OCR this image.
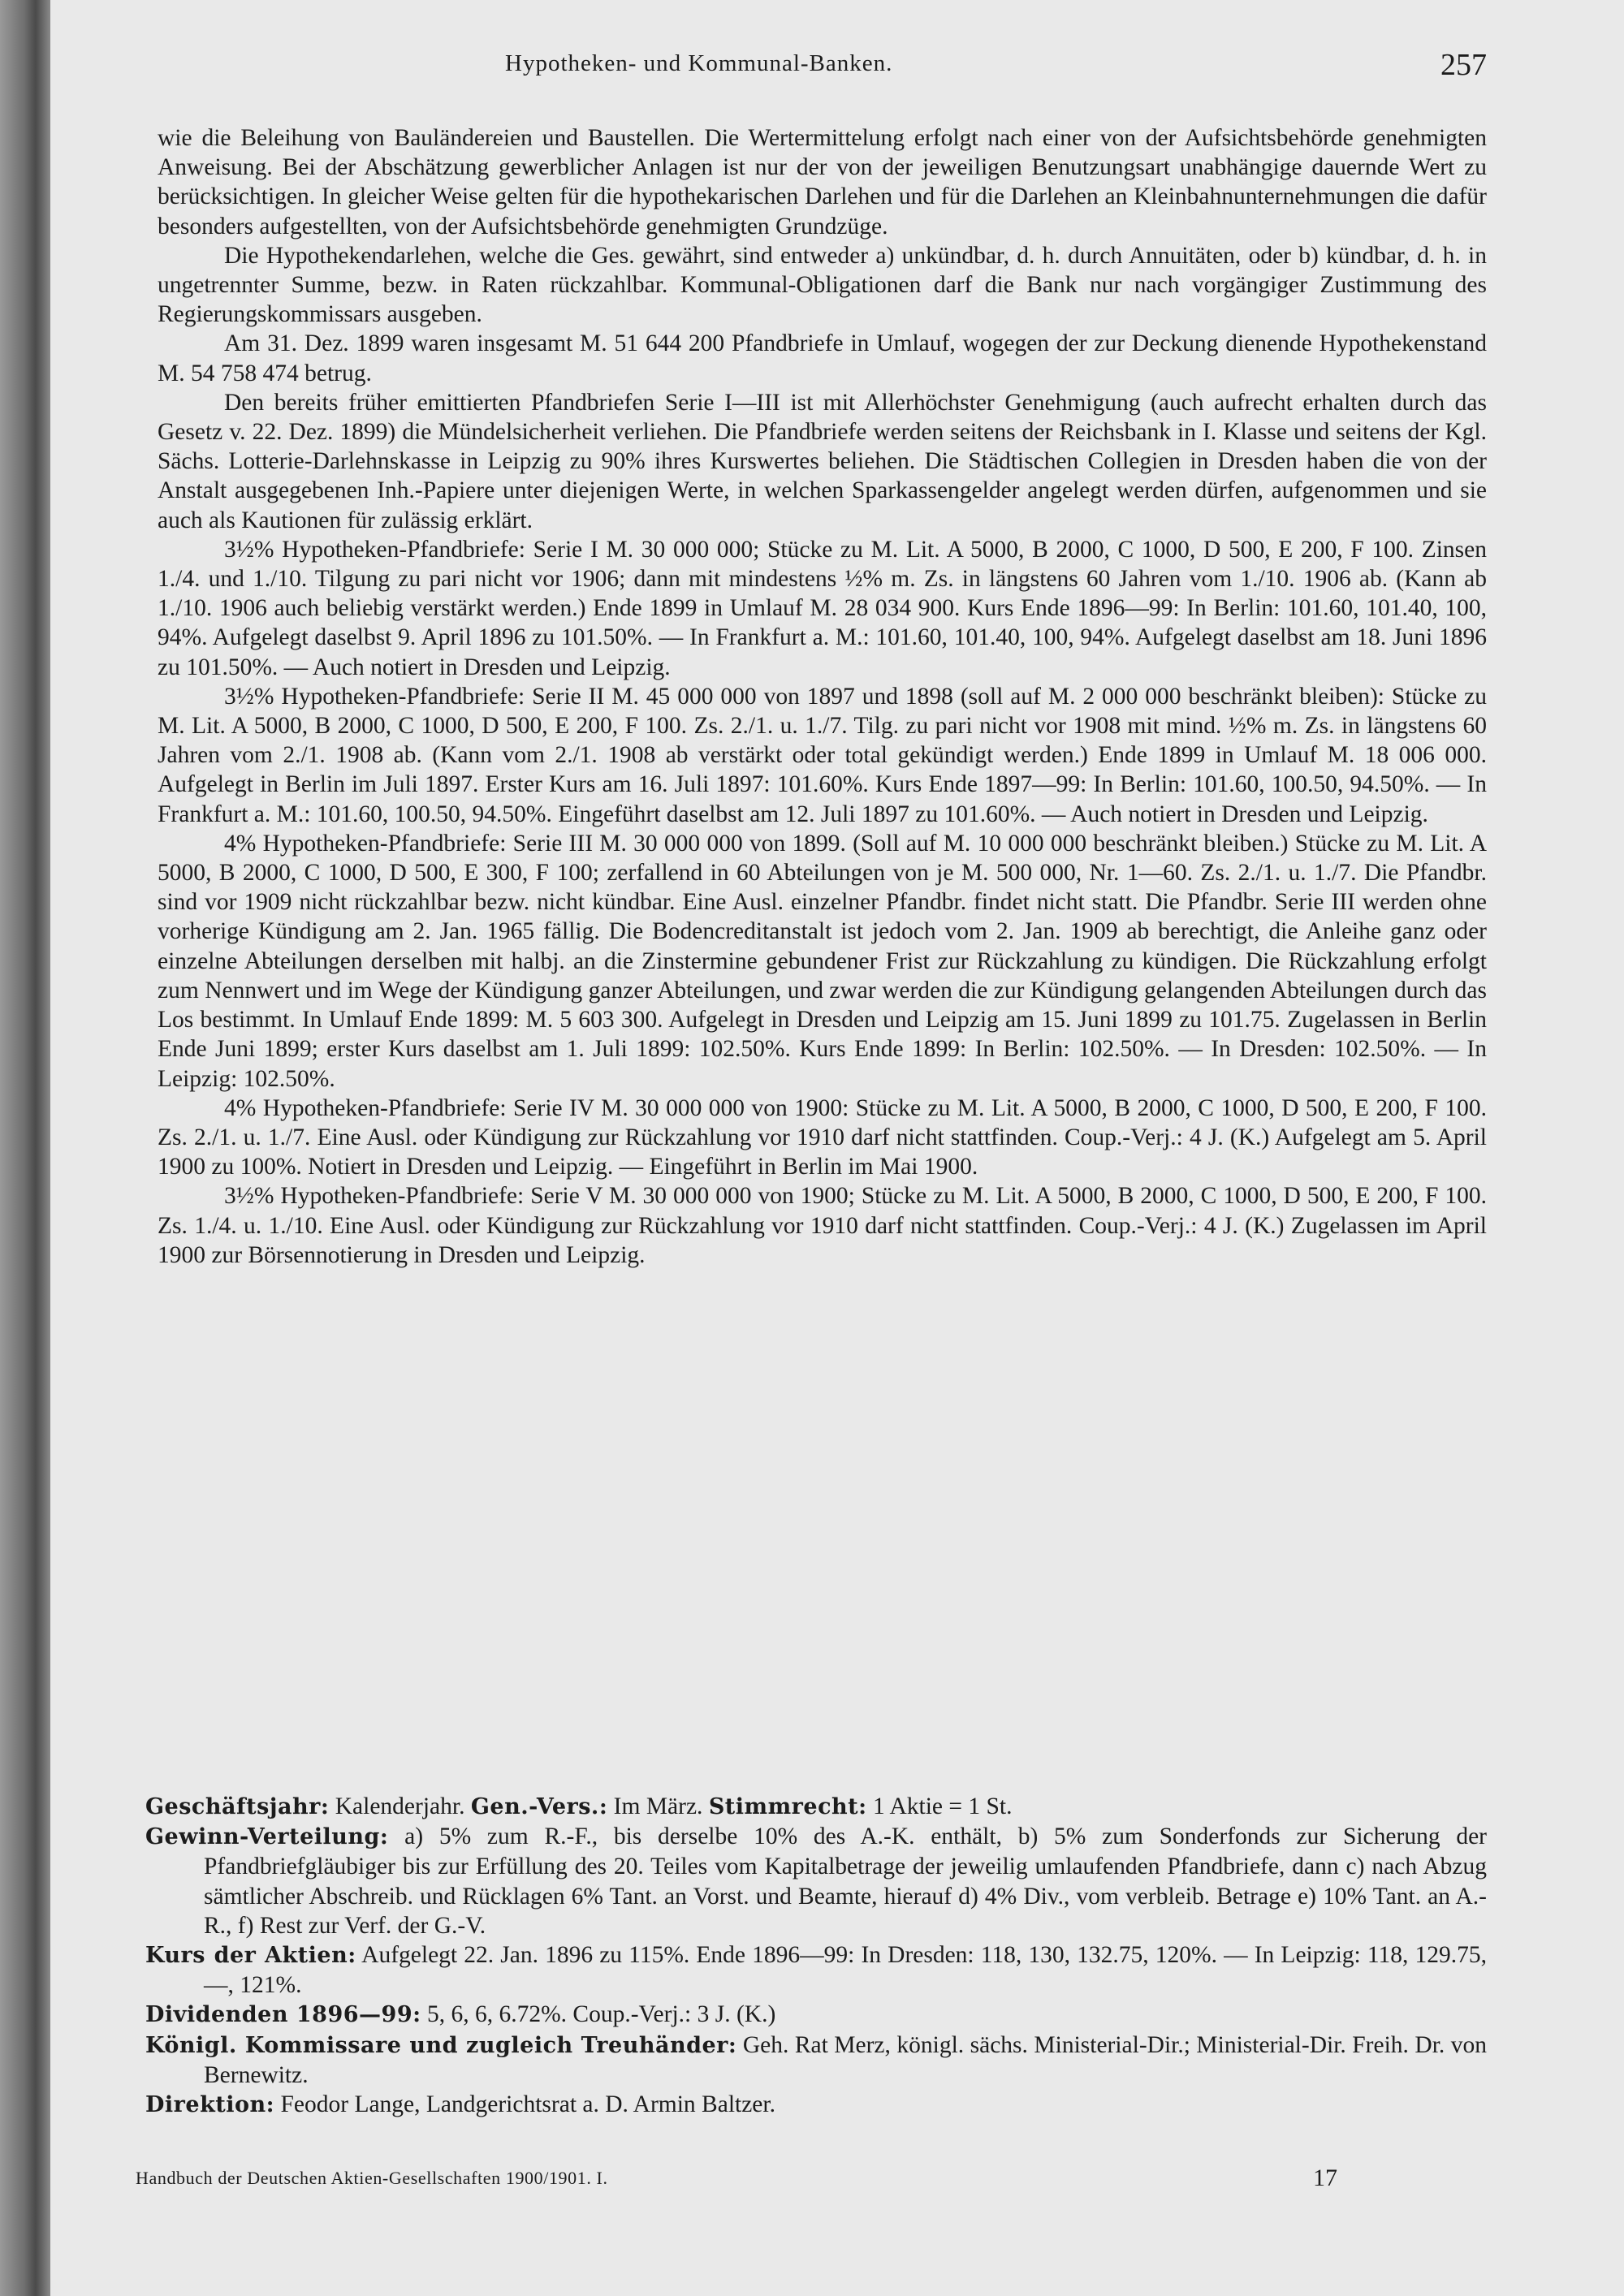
Hypotheken- und Kommunal-Banken.	257

wie die Beleihung von Bauländereien und Baustellen. Die Wertermittelung erfolgt nach einer von der Aufsichtsbehörde genehmigten Anweisung. Bei der Abschätzung gewerblicher Anlagen ist nur der von der jeweiligen Benutzungsart unabhängige dauernde Wert zu berücksichtigen. In gleicher Weise gelten für die hypothekarischen Darlehen und für die Darlehen an Kleinbahnunternehmungen die dafür besonders aufgestellten, von der Aufsichtsbehörde genehmigten Grundzüge.

Die Hypothekendarlehen, welche die Ges. gewährt, sind entweder a) unkündbar, d. h. durch Annuitäten, oder b) kündbar, d. h. in ungetrennter Summe, bezw. in Raten rückzahlbar. Kommunal-Obligationen darf die Bank nur nach vorgängiger Zustimmung des Regierungskommissars ausgeben.

Am 31. Dez. 1899 waren insgesamt M. 51 644 200 Pfandbriefe in Umlauf, wogegen der zur Deckung dienende Hypothekenstand M. 54 758 474 betrug.

Den bereits früher emittierten Pfandbriefen Serie I—III ist mit Allerhöchster Genehmigung (auch aufrecht erhalten durch das Gesetz v. 22. Dez. 1899) die Mündelsicherheit verliehen. Die Pfandbriefe werden seitens der Reichsbank in I. Klasse und seitens der Kgl. Sächs. Lotterie-Darlehnskasse in Leipzig zu 90% ihres Kurswertes beliehen. Die Städtischen Collegien in Dresden haben die von der Anstalt ausgegebenen Inh.-Papiere unter diejenigen Werte, in welchen Sparkassengelder angelegt werden dürfen, aufgenommen und sie auch als Kautionen für zulässig erklärt.

3½% Hypotheken-Pfandbriefe: Serie I M. 30 000 000; Stücke zu M. Lit. A 5000, B 2000, C 1000, D 500, E 200, F 100. Zinsen 1./4. und 1./10. Tilgung zu pari nicht vor 1906; dann mit mindestens ½% m. Zs. in längstens 60 Jahren vom 1./10. 1906 ab. (Kann ab 1./10. 1906 auch beliebig verstärkt werden.) Ende 1899 in Umlauf M. 28 034 900. Kurs Ende 1896—99: In Berlin: 101.60, 101.40, 100, 94%. Aufgelegt daselbst 9. April 1896 zu 101.50%. — In Frankfurt a. M.: 101.60, 101.40, 100, 94%. Aufgelegt daselbst am 18. Juni 1896 zu 101.50%. — Auch notiert in Dresden und Leipzig.

3½% Hypotheken-Pfandbriefe: Serie II M. 45 000 000 von 1897 und 1898 (soll auf M. 2 000 000 beschränkt bleiben): Stücke zu M. Lit. A 5000, B 2000, C 1000, D 500, E 200, F 100. Zs. 2./1. u. 1./7. Tilg. zu pari nicht vor 1908 mit mind. ½% m. Zs. in längstens 60 Jahren vom 2./1. 1908 ab. (Kann vom 2./1. 1908 ab verstärkt oder total gekündigt werden.) Ende 1899 in Umlauf M. 18 006 000. Aufgelegt in Berlin im Juli 1897. Erster Kurs am 16. Juli 1897: 101.60%. Kurs Ende 1897—99: In Berlin: 101.60, 100.50, 94.50%. — In Frankfurt a. M.: 101.60, 100.50, 94.50%. Eingeführt daselbst am 12. Juli 1897 zu 101.60%. — Auch notiert in Dresden und Leipzig.

4% Hypotheken-Pfandbriefe: Serie III M. 30 000 000 von 1899. (Soll auf M. 10 000 000 beschränkt bleiben.) Stücke zu M. Lit. A 5000, B 2000, C 1000, D 500, E 300, F 100; zerfallend in 60 Abteilungen von je M. 500 000, Nr. 1—60. Zs. 2./1. u. 1./7. Die Pfandbr. sind vor 1909 nicht rückzahlbar bezw. nicht kündbar. Eine Ausl. einzelner Pfandbr. findet nicht statt. Die Pfandbr. Serie III werden ohne vorherige Kündigung am 2. Jan. 1965 fällig. Die Bodencreditanstalt ist jedoch vom 2. Jan. 1909 ab berechtigt, die Anleihe ganz oder einzelne Abteilungen derselben mit halbj. an die Zinstermine gebundener Frist zur Rückzahlung zu kündigen. Die Rückzahlung erfolgt zum Nennwert und im Wege der Kündigung ganzer Abteilungen, und zwar werden die zur Kündigung gelangenden Abteilungen durch das Los bestimmt. In Umlauf Ende 1899: M. 5 603 300. Aufgelegt in Dresden und Leipzig am 15. Juni 1899 zu 101.75. Zugelassen in Berlin Ende Juni 1899; erster Kurs daselbst am 1. Juli 1899: 102.50%. Kurs Ende 1899: In Berlin: 102.50%. — In Dresden: 102.50%. — In Leipzig: 102.50%.

4% Hypotheken-Pfandbriefe: Serie IV M. 30 000 000 von 1900: Stücke zu M. Lit. A 5000, B 2000, C 1000, D 500, E 200, F 100. Zs. 2./1. u. 1./7. Eine Ausl. oder Kündigung zur Rückzahlung vor 1910 darf nicht stattfinden. Coup.-Verj.: 4 J. (K.) Aufgelegt am 5. April 1900 zu 100%. Notiert in Dresden und Leipzig. — Eingeführt in Berlin im Mai 1900.

3½% Hypotheken-Pfandbriefe: Serie V M. 30 000 000 von 1900; Stücke zu M. Lit. A 5000, B 2000, C 1000, D 500, E 200, F 100. Zs. 1./4. u. 1./10. Eine Ausl. oder Kündigung zur Rückzahlung vor 1910 darf nicht stattfinden. Coup.-Verj.: 4 J. (K.) Zugelassen im April 1900 zur Börsennotierung in Dresden und Leipzig.

Geschäftsjahr: Kalenderjahr. Gen.-Vers.: Im März. Stimmrecht: 1 Aktie = 1 St.

Gewinn-Verteilung: a) 5% zum R.-F., bis derselbe 10% des A.-K. enthält, b) 5% zum Sonderfonds zur Sicherung der Pfandbriefgläubiger bis zur Erfüllung des 20. Teiles vom Kapitalbetrage der jeweilig umlaufenden Pfandbriefe, dann c) nach Abzug sämtlicher Abschreib. und Rücklagen 6% Tant. an Vorst. und Beamte, hierauf d) 4% Div., vom verbleib. Betrage e) 10% Tant. an A.-R., f) Rest zur Verf. der G.-V.

Kurs der Aktien: Aufgelegt 22. Jan. 1896 zu 115%. Ende 1896—99: In Dresden: 118, 130, 132.75, 120%. — In Leipzig: 118, 129.75, —, 121%.

Dividenden 1896—99: 5, 6, 6, 6.72%. Coup.-Verj.: 3 J. (K.)

Königl. Kommissare und zugleich Treuhänder: Geh. Rat Merz, königl. sächs. Ministerial-Dir.; Ministerial-Dir. Freih. Dr. von Bernewitz.

Direktion: Feodor Lange, Landgerichtsrat a. D. Armin Baltzer.

Handbuch der Deutschen Aktien-Gesellschaften 1900/1901. I.	17
